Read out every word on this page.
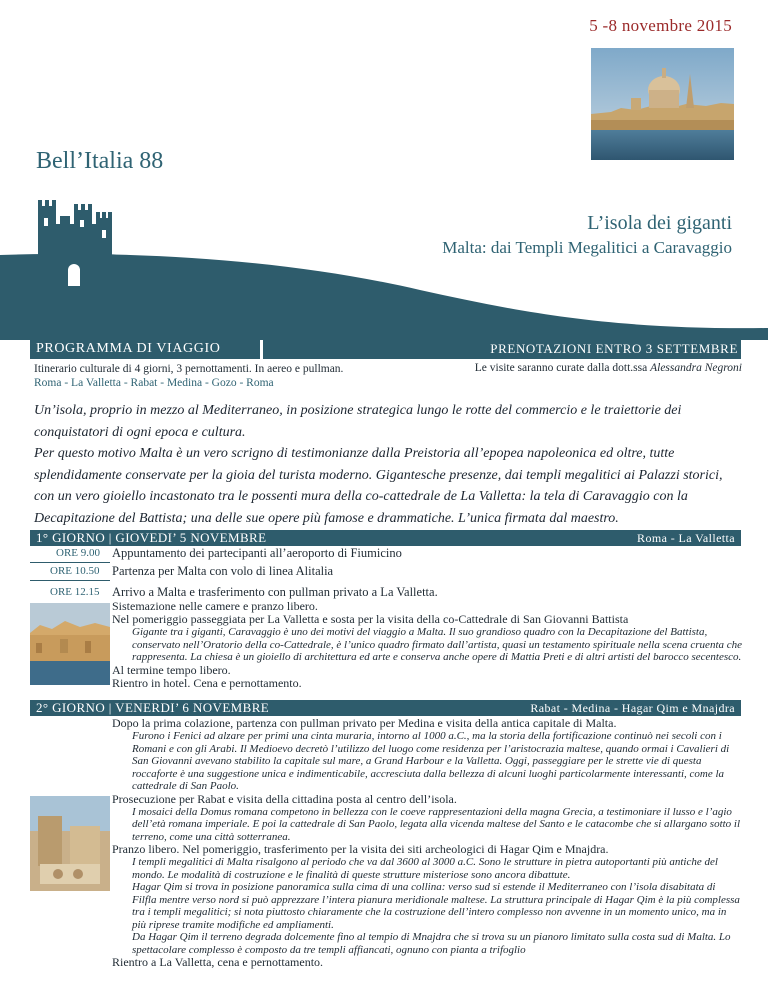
5 -8 novembre 2015
Bell’Italia 88
L’isola dei giganti
Malta: dai Templi Megalitici a Caravaggio
PROGRAMMA DI VIAGGIO	PRENOTAZIONI ENTRO 3 SETTEMBRE
Itinerario culturale di 4 giorni, 3 pernottamenti. In aereo e pullman.
Roma - La Valletta - Rabat - Medina - Gozo - Roma
Le visite saranno curate dalla dott.ssa Alessandra Negroni
Un’isola, proprio in mezzo al Mediterraneo, in posizione strategica lungo le rotte del commercio e le traiettorie dei conquistatori di ogni epoca e cultura.
Per questo motivo Malta è un vero scrigno di testimonianze dalla Preistoria all’epopea napoleonica ed oltre, tutte splendidamente conservate per la gioia del turista moderno. Gigantesche presenze, dai templi megalitici ai Palazzi storici, con un vero gioiello incastonato tra le possenti mura della co-cattedrale de La Valletta: la tela di Caravaggio con la Decapitazione del Battista; una delle sue opere più famose e drammatiche. L’unica firmata dal maestro.
1° GIORNO | GIOVEDI’ 5 NOVEMBRE	Roma - La Valletta
ORE 9.00 Appuntamento dei partecipanti all’aeroporto di Fiumicino
ORE 10.50 Partenza per Malta con volo di linea Alitalia
ORE 12.15 Arrivo a Malta e trasferimento con pullman privato a La Valletta.
Sistemazione nelle camere e pranzo libero.
Nel pomeriggio passeggiata per La Valletta e sosta per la visita della co-Cattedrale di San Giovanni Battista
Gigante tra i giganti, Caravaggio è uno dei motivi del viaggio a Malta. Il suo grandioso quadro con la Decapitazione del Battista, conservato nell’Oratorio della co-Cattedrale, è l’unico quadro firmato dall’artista, quasi un testamento spirituale nella scena cruenta che rappresenta. La chiesa è un gioiello di architettura ed arte e conserva anche opere di Mattia Preti e di altri artisti del barocco secentesco.
Al termine tempo libero.
Rientro in hotel. Cena e pernottamento.
2° GIORNO | VENERDI’ 6 NOVEMBRE	Rabat - Medina - Hagar Qim e Mnajdra
Dopo la prima colazione, partenza con pullman privato per Medina e visita della antica capitale di Malta.
Furono i Fenici ad alzare per primi una cinta muraria, intorno al 1000 a.C., ma la storia della fortificazione continuò nei secoli con i Romani e con gli Arabi. Il Medioevo decretò l’utilizzo del luogo come residenza per l’aristocrazia maltese, quando ormai i Cavalieri di San Giovanni avevano stabilito la capitale sul mare, a Grand Harbour e la Valletta. Oggi, passeggiare per le strette vie di questa roccaforte è una suggestione unica e indimenticabile, accresciuta dalla bellezza di alcuni luoghi particolarmente interessanti, come la cattedrale di San Paolo.
Prosecuzione per Rabat e visita della cittadina posta al centro dell’isola.
I mosaici della Domus romana competono in bellezza con le coeve rappresentazioni della magna Grecia, a testimoniare il lusso e l’agio dell’età romana imperiale. E poi la cattedrale di San Paolo, legata alla vicenda maltese del Santo e le catacombe che si allargano sotto il terreno, come una città sotterranea.
Pranzo libero. Nel pomeriggio, trasferimento per la visita dei siti archeologici di Hagar Qim e Mnajdra.
I templi megalitici di Malta risalgono al periodo che va dal 3600 al 3000 a.C. Sono le strutture in pietra autoportanti più antiche del mondo. Le modalità di costruzione e le finalità di queste strutture misteriose sono ancora dibattute.
Hagar Qim si trova in posizione panoramica sulla cima di una collina: verso sud si estende il Mediterraneo con l’isola disabitata di Filfla mentre verso nord si può apprezzare l’intera pianura meridionale maltese. La struttura principale di Hagar Qim è la più complessa tra i templi megalitici; si nota piuttosto chiaramente che la costruzione dell’intero complesso non avvenne in un momento unico, ma in più riprese tramite modifiche ed ampliamenti.
Da Hagar Qim il terreno degrada dolcemente fino al tempio di Mnajdra che si trova su un pianoro limitato sulla costa sud di Malta. Lo spettacolare complesso è composto da tre templi affiancati, ognuno con pianta a trifoglio
Rientro a La Valletta, cena e pernottamento.
